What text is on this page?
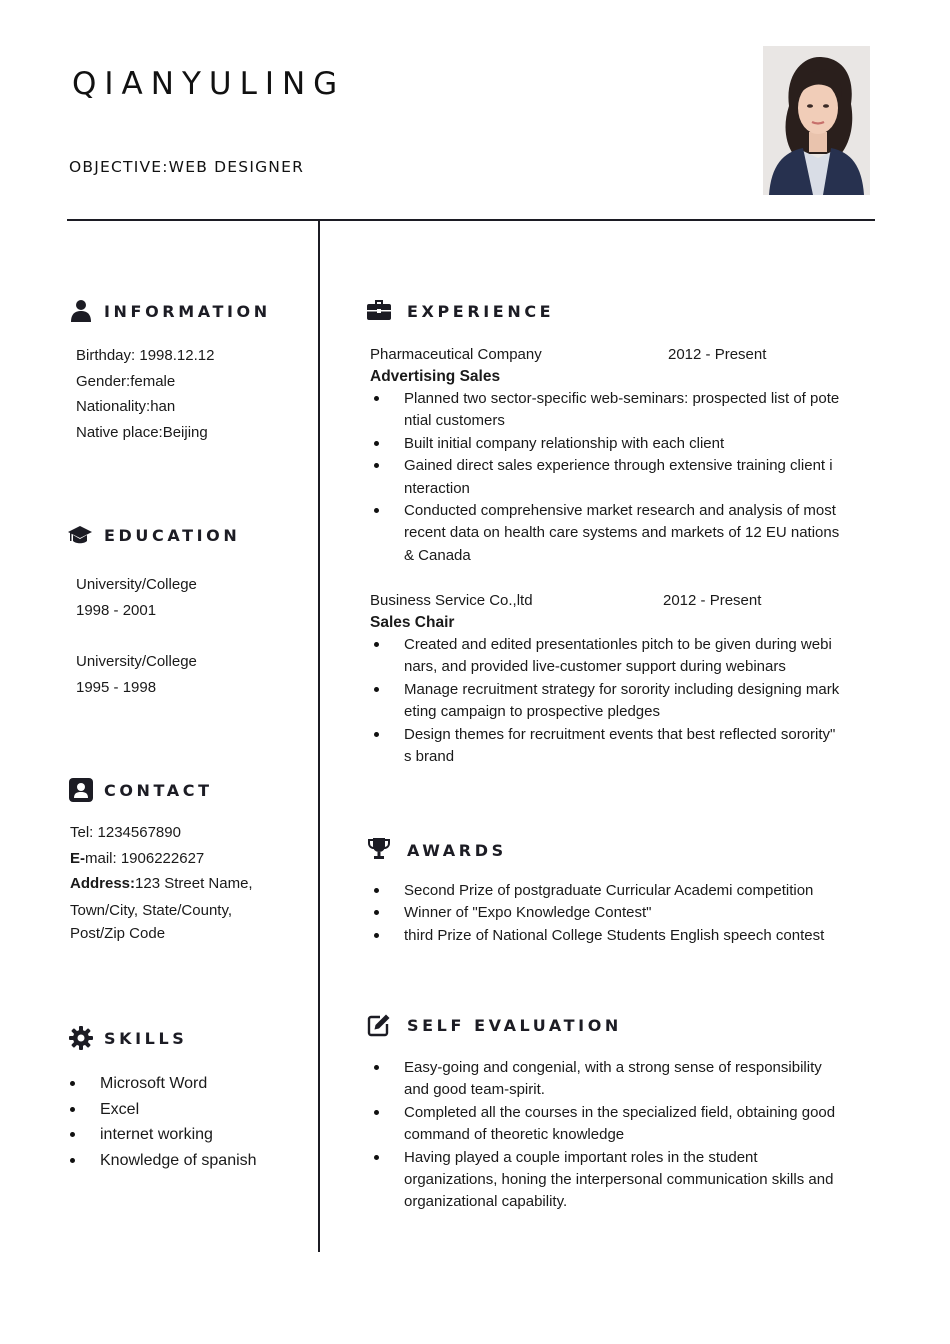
QIANYULING
OBJECTIVE:WEB DESIGNER
INFORMATION
Birthday: 1998.12.12
Gender:female
Nationality:han
Native place:Beijing
EDUCATION
University/College
1998 - 2001
University/College
1995 - 1998
CONTACT
Tel: 1234567890
E-mail: 1906222627
Address:123 Street Name,
Town/City, State/County,
Post/Zip Code
SKILLS
Microsoft Word
Excel
internet working
Knowledge of spanish
EXPERIENCE
Pharmaceutical Company	2012 - Present
Advertising Sales
Planned two sector-specific web-seminars: prospected list of pote
ntial customers
Built initial company relationship with each client
Gained direct sales experience through extensive training client i
nteraction
Conducted comprehensive market research and analysis of most
recent data on health care systems and markets of 12 EU nations
& Canada
Business Service Co.,ltd	2012 - Present
Sales Chair
Created and edited presentationles pitch to be given during webi
nars, and provided live-customer support during webinars
Manage recruitment strategy for sorority including designing mark
eting campaign to prospective pledges
Design themes for recruitment events that best reflected sorority"
s brand
AWARDS
Second Prize of postgraduate Curricular Academi competition
Winner of "Expo Knowledge Contest"
third Prize of National College Students English speech contest
SELF EVALUATION
Easy-going and congenial, with a strong sense of responsibility
and good team-spirit.
Completed all the courses in the specialized field, obtaining good
command of theoretic knowledge
Having played a couple important roles in the student
organizations, honing the interpersonal communication skills and
organizational capability.
